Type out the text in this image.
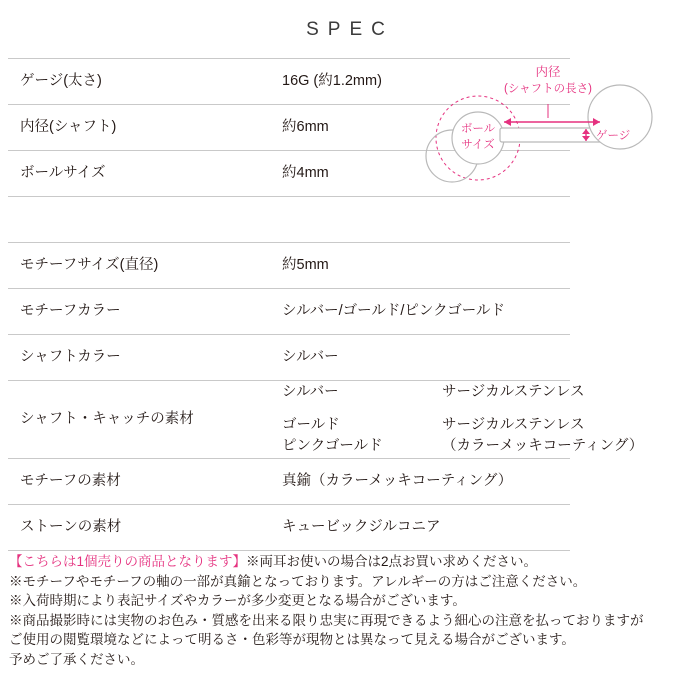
SPEC
ゲージ(太さ)	16G (約1.2mm)
内径(シャフト)	約6mm
ボールサイズ	約4mm

モチーフサイズ(直径)	約5mm
モチーフカラー	シルバー/ゴールド/ピンクゴールド
シャフトカラー	シルバー
シャフト・キャッチの素材	
シルバー	サージカルステンレス
ゴールド	サージカルステンレス
ピンクゴールド	（カラーメッキコーティング）

モチーフの素材	真鍮（カラーメッキコーティング）
ストーンの素材	キュービックジルコニア
内径
(シャフトの長さ)
ボール
サイズ
ゲージ
【こちらは1個売りの商品となります】 ※両耳お使いの場合は2点お買い求めください。
※モチーフやモチーフの軸の一部が真鍮となっております。アレルギーの方はご注意ください。
※入荷時期により表記サイズやカラーが多少変更となる場合がございます。
※商品撮影時には実物のお色み・質感を出来る限り忠実に再現できるよう細心の注意を払っておりますが
ご使用の閲覧環境などによって明るさ・色彩等が現物とは異なって見える場合がございます。
予めご了承ください。
